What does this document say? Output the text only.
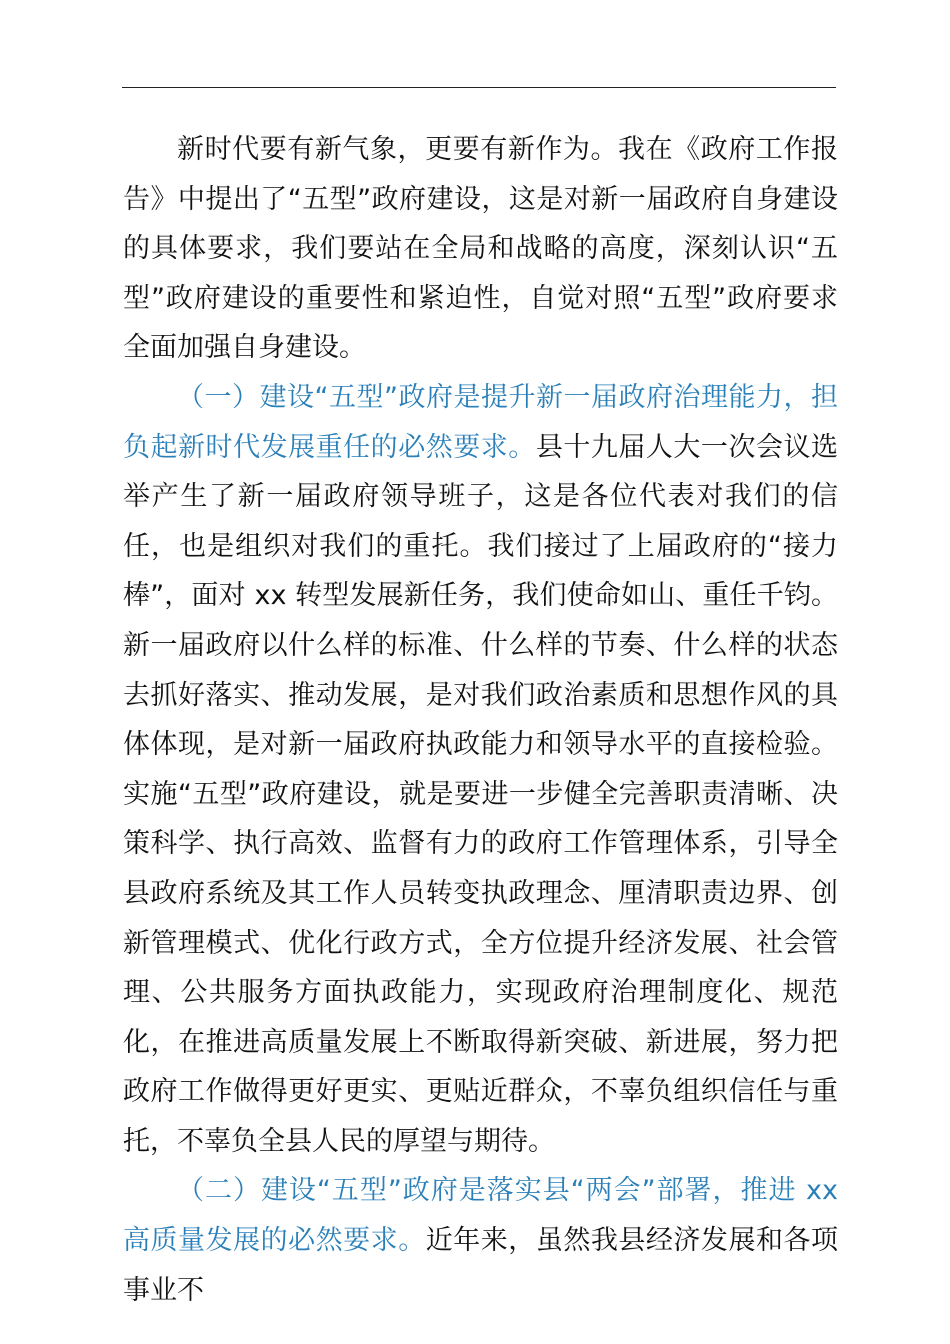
新时代要有新气象，更要有新作为。我在《政府工作报告》中提出了“五型”政府建设，这是对新一届政府自身建设的具体要求，我们要站在全局和战略的高度，深刻认识“五型”政府建设的重要性和紧迫性，自觉对照“五型”政府要求全面加强自身建设。

（一）建设“五型”政府是提升新一届政府治理能力，担负起新时代发展重任的必然要求。县十九届人大一次会议选举产生了新一届政府领导班子，这是各位代表对我们的信任，也是组织对我们的重托。我们接过了上届政府的“接力棒”，面对 xx 转型发展新任务，我们使命如山、重任千钧。新一届政府以什么样的标准、什么样的节奏、什么样的状态去抓好落实、推动发展，是对我们政治素质和思想作风的具体体现，是对新一届政府执政能力和领导水平的直接检验。实施“五型”政府建设，就是要进一步健全完善职责清晰、决策科学、执行高效、监督有力的政府工作管理体系，引导全县政府系统及其工作人员转变执政理念、厘清职责边界、创新管理模式、优化行政方式，全方位提升经济发展、社会管理、公共服务方面执政能力，实现政府治理制度化、规范化，在推进高质量发展上不断取得新突破、新进展，努力把政府工作做得更好更实、更贴近群众，不辜负组织信任与重托，不辜负全县人民的厚望与期待。

（二）建设“五型”政府是落实县“两会”部署，推进 xx 高质量发展的必然要求。近年来，虽然我县经济发展和各项事业不
